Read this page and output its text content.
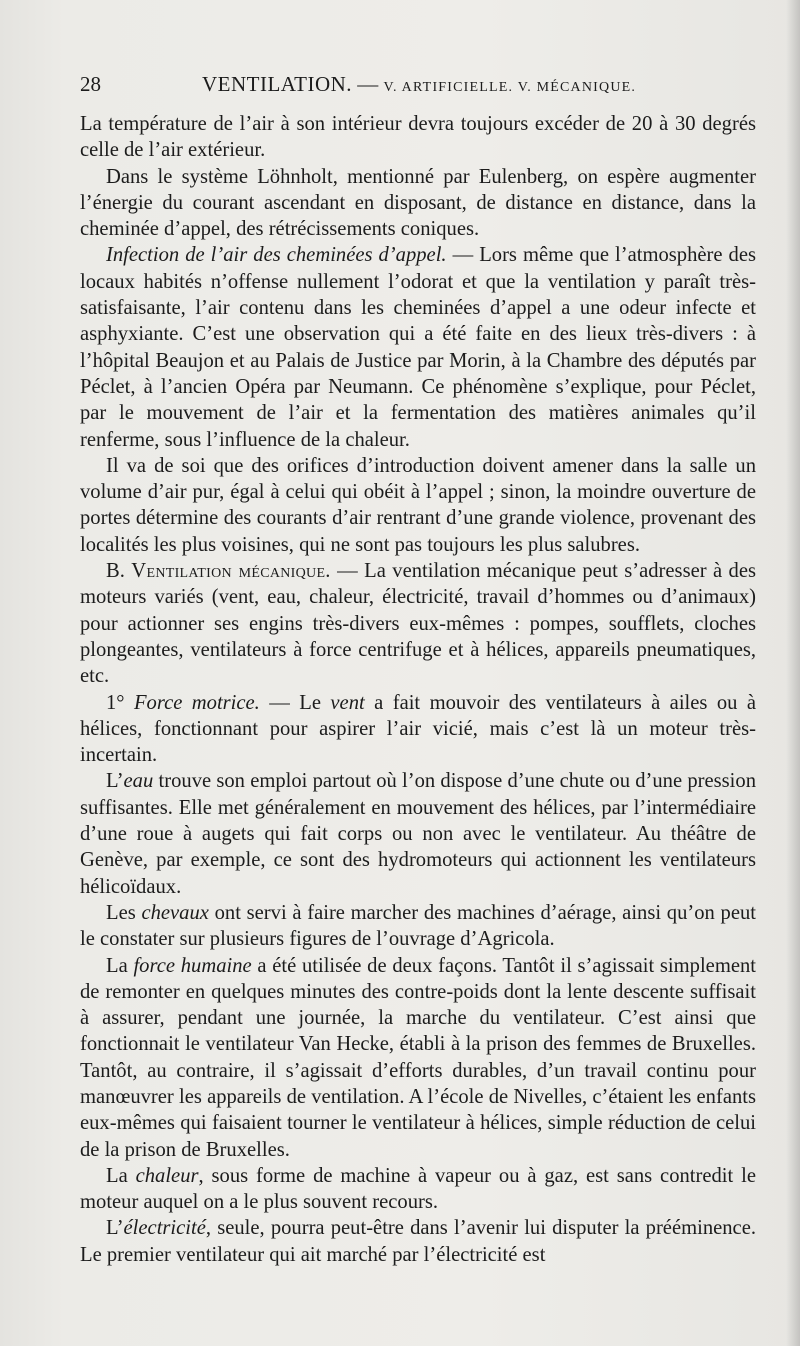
28	VENTILATION. — V. ARTIFICIELLE. V. MÉCANIQUE.

La température de l’air à son intérieur devra toujours excéder de 20 à 30 degrés celle de l’air extérieur.

Dans le système Löhnholt, mentionné par Eulenberg, on espère augmenter l’énergie du courant ascendant en disposant, de distance en distance, dans la cheminée d’appel, des rétrécissements coniques.

Infection de l’air des cheminées d’appel. — Lors même que l’atmosphère des locaux habités n’offense nullement l’odorat et que la ventilation y paraît très-satisfaisante, l’air contenu dans les cheminées d’appel a une odeur infecte et asphyxiante. C’est une observation qui a été faite en des lieux très-divers : à l’hôpital Beaujon et au Palais de Justice par Morin, à la Chambre des députés par Péclet, à l’ancien Opéra par Neumann. Ce phénomène s’explique, pour Péclet, par le mouvement de l’air et la fermentation des matières animales qu’il renferme, sous l’influence de la chaleur.

Il va de soi que des orifices d’introduction doivent amener dans la salle un volume d’air pur, égal à celui qui obéit à l’appel ; sinon, la moindre ouverture de portes détermine des courants d’air rentrant d’une grande violence, provenant des localités les plus voisines, qui ne sont pas toujours les plus salubres.

B. Ventilation mécanique. — La ventilation mécanique peut s’adresser à des moteurs variés (vent, eau, chaleur, électricité, travail d’hommes ou d’animaux) pour actionner ses engins très-divers eux-mêmes : pompes, soufflets, cloches plongeantes, ventilateurs à force centrifuge et à hélices, appareils pneumatiques, etc.

1° Force motrice. — Le vent a fait mouvoir des ventilateurs à ailes ou à hélices, fonctionnant pour aspirer l’air vicié, mais c’est là un moteur très-incertain.

L’eau trouve son emploi partout où l’on dispose d’une chute ou d’une pression suffisantes. Elle met généralement en mouvement des hélices, par l’intermédiaire d’une roue à augets qui fait corps ou non avec le ventilateur. Au théâtre de Genève, par exemple, ce sont des hydromoteurs qui actionnent les ventilateurs hélicoïdaux.

Les chevaux ont servi à faire marcher des machines d’aérage, ainsi qu’on peut le constater sur plusieurs figures de l’ouvrage d’Agricola.

La force humaine a été utilisée de deux façons. Tantôt il s’agissait simplement de remonter en quelques minutes des contre-poids dont la lente descente suffisait à assurer, pendant une journée, la marche du ventilateur. C’est ainsi que fonctionnait le ventilateur Van Hecke, établi à la prison des femmes de Bruxelles. Tantôt, au contraire, il s’agissait d’efforts durables, d’un travail continu pour manœuvrer les appareils de ventilation. A l’école de Nivelles, c’étaient les enfants eux-mêmes qui faisaient tourner le ventilateur à hélices, simple réduction de celui de la prison de Bruxelles.

La chaleur, sous forme de machine à vapeur ou à gaz, est sans contredit le moteur auquel on a le plus souvent recours.

L’électricité, seule, pourra peut-être dans l’avenir lui disputer la prééminence. Le premier ventilateur qui ait marché par l’électricité est
